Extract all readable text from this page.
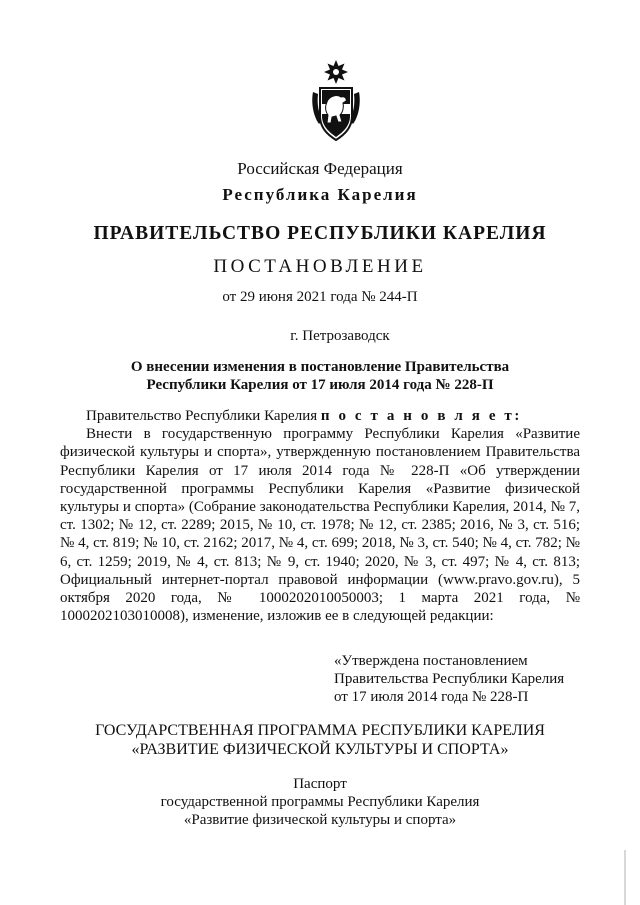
Российская Федерация
Республика Карелия
ПРАВИТЕЛЬСТВО РЕСПУБЛИКИ КАРЕЛИЯ
ПОСТАНОВЛЕНИЕ
от 29 июня 2021 года № 244-П
г. Петрозаводск
О внесении изменения в постановление Правительства
Республики Карелия от 17 июля 2014 года № 228-П

Правительство Республики Карелия п о с т а н о в л я е т:

Внести в государственную программу Республики Карелия «Развитие физической культуры и спорта», утвержденную постановлением Правительства Республики Карелия от 17 июля 2014 года № 228-П «Об утверждении государственной программы Республики Карелия «Развитие физической культуры и спорта» (Собрание законодательства Республики Карелия, 2014, № 7, ст. 1302; № 12, ст. 2289; 2015, № 10, ст. 1978; № 12, ст. 2385; 2016, № 3, ст. 516; № 4, ст. 819; № 10, ст. 2162; 2017, № 4, ст. 699; 2018, № 3, ст. 540; № 4, ст. 782; № 6, ст. 1259; 2019, № 4, ст. 813; № 9, ст. 1940; 2020, № 3, ст. 497; № 4, ст. 813; Официальный интернет-портал правовой информации (www.pravo.gov.ru), 5 октября 2020 года, № 1000202010050003; 1 марта 2021 года, № 1000202103010008), изменение, изложив ее в следующей редакции:

«Утверждена постановлением
Правительства Республики Карелия
от 17 июля 2014 года № 228-П
ГОСУДАРСТВЕННАЯ ПРОГРАММА РЕСПУБЛИКИ КАРЕЛИЯ
«РАЗВИТИЕ ФИЗИЧЕСКОЙ КУЛЬТУРЫ И СПОРТА»
Паспорт
государственной программы Республики Карелия
«Развитие физической культуры и спорта»
